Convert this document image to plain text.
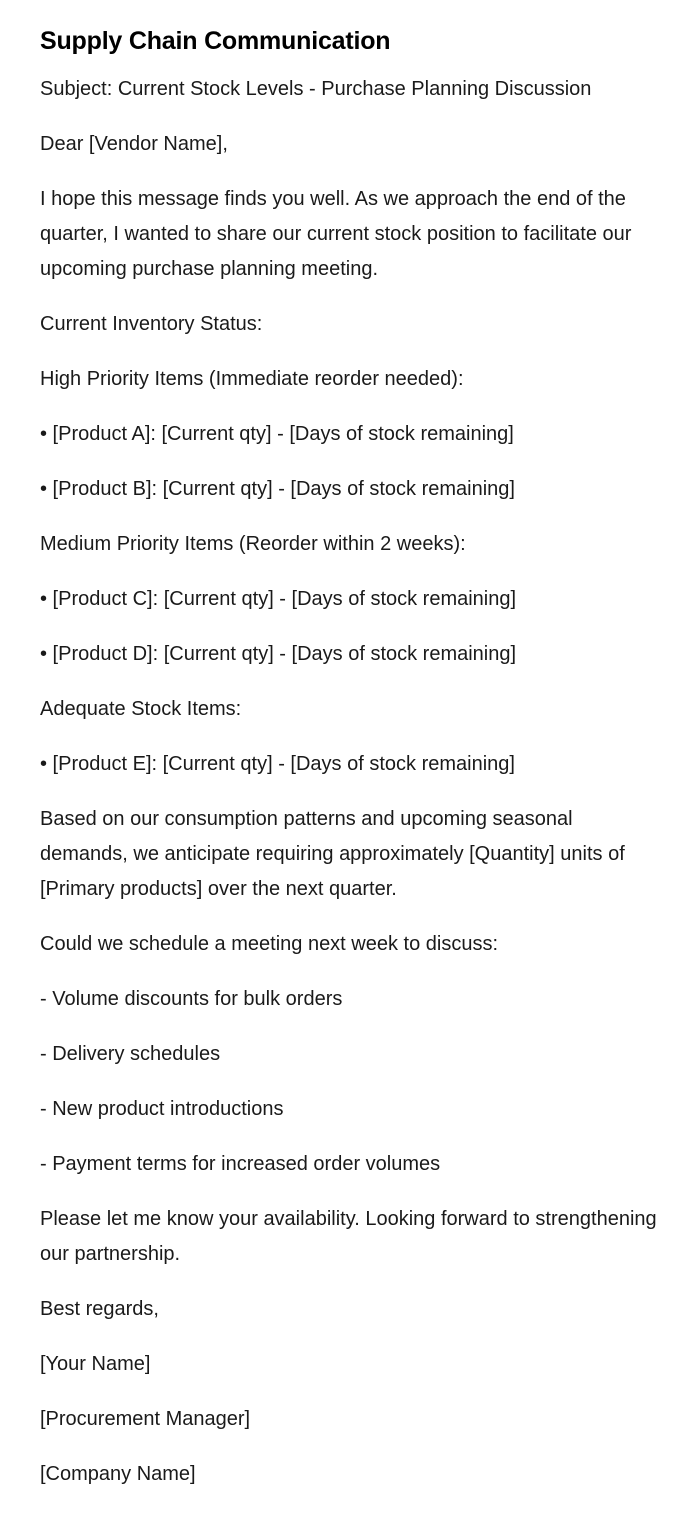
Supply Chain Communication

Subject: Current Stock Levels - Purchase Planning Discussion

Dear [Vendor Name],

I hope this message finds you well. As we approach the end of the quarter, I wanted to share our current stock position to facilitate our upcoming purchase planning meeting.

Current Inventory Status:

High Priority Items (Immediate reorder needed):

• [Product A]: [Current qty] - [Days of stock remaining]

• [Product B]: [Current qty] - [Days of stock remaining]

Medium Priority Items (Reorder within 2 weeks):

• [Product C]: [Current qty] - [Days of stock remaining]

• [Product D]: [Current qty] - [Days of stock remaining]

Adequate Stock Items:

• [Product E]: [Current qty] - [Days of stock remaining]

Based on our consumption patterns and upcoming seasonal demands, we anticipate requiring approximately [Quantity] units of [Primary products] over the next quarter.

Could we schedule a meeting next week to discuss:

- Volume discounts for bulk orders

- Delivery schedules

- New product introductions

- Payment terms for increased order volumes

Please let me know your availability. Looking forward to strengthening our partnership.

Best regards,

[Your Name]

[Procurement Manager]

[Company Name]
